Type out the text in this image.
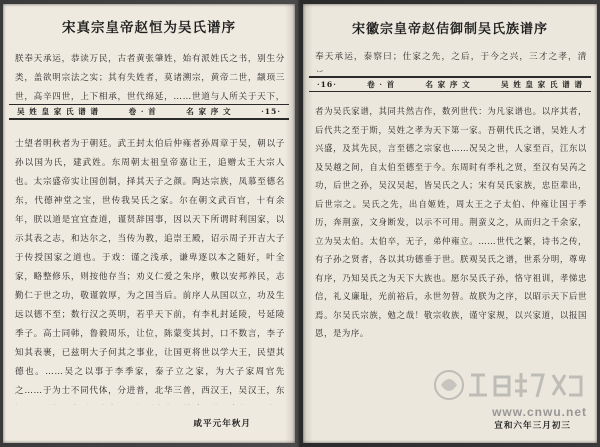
宋真宗皇帝赵恒为吴氏谱序
朕奉天承运，恭读万民，古者黄张肇姓，始有派姓氏之书，别生分类，盖欲明宗法之实；其有失姓者，莫诸溯宗，黄帝二世，颛顼三世，高辛四世，上下相承，世代绵延，……世道与人所关于天下，
吴 姓 皇 家 氏 谱 谱	卷 · 首	名 家 序 文	·15·
士望者明秋者为于朝廷。武王封太伯后仲雍者孙周章于吴，朝以子孙以国为氏，建武姓。东周朝太祖皇帝嘉让王，追赠太王大宗人也。太宗盛帝实让国创制，择其天子之颜。陶达宗族，凤慕至德名东，代德神堂之宝，世传我吴氏之家。尔在朝文武百官，十有余年，朕以道是宜宜查道，谨贤辞国事，因以天下所谓时利国家，以示其表之志，和达尔之，当传为教，追崇王殿，诏示周子开吉大子于传授国家之道也。于戏：谨之浅承，谦卑逐以本之随好，叶全家，略整修乐，则按他存当；劝义仁爱之朱序，敷以安邦养民，志勤仁于世之功，敬谨敦厚，为之国当后。前序人从国以立，功及生远以德不至；数行汉之英明，若乎天下前，有李札封延陵，号延陵季子。高士同韩，鲁毅周乐，让位，陈蒙变其封，口不数言，李子知其表裹，已兹明大子何其之事业，让国更将世以学大王，民望其德也。……吴之以事于李季家，泰子立之家，为大子家周官先之……于为士不同代体，分进普，北华三普，西汉王，吴汉王，东
咸平元年秋月
宋徽宗皇帝赵佶御制吴氏族谱序
奉天承运，泰察曰；仕家之先，之后，于今之兴，三才之孝，清
·16·	卷 · 首	名 家 序 文	吴 姓 皇 家 氏 谱 谱
者为吴氏家谱，其同共然吉作，数列世代：为凡家谱也。以序其者，后代共之至于斯，吴姓之孝为天下第一家。吾朝代氏之谱，吴姓人才兴盛，及其先民，言至德之宗家也……况吴之世，人家至百，江东以及吴越之间，自太伯至德至于今。东周时有季札之贤，至汉有吴芮之功，后世之孙，吴汉吴起，皆吴氏之人；宋有吴氏家族，忠臣辈出，后世宗之。吴氏之先，出自姬姓，周太王之子太伯、仲雍让国于季历，奔荆蛮，文身断发，以示不可用。荆蛮义之，从而归之千余家，立为吴太伯。太伯卒，无子，弟仲雍立。……世代之繁，诗书之传，有子孙之贤者，各以其功德垂于世。朕观吴氏之谱，世系分明，尊卑有序，乃知吴氏之为天下大族也。愿尔吴氏子孙，恪守祖训，孝悌忠信，礼义廉耻，光前裕后，永世勿替。故朕为之序，以昭示天下后世焉。尔吴氏宗族，勉之哉！敬宗收族，谨守家规，以兴家道，以报国恩，是为序。
www.cnwu.net
宣和六年三月初三
